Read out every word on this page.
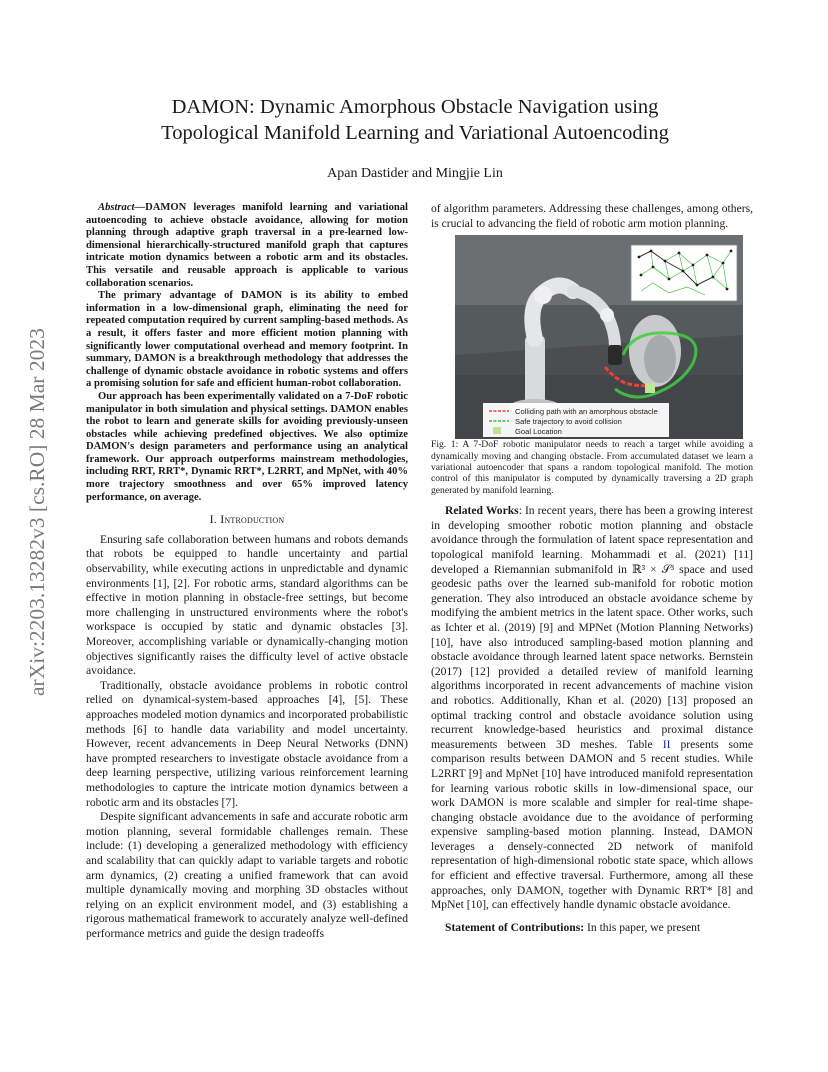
arXiv:2203.13282v3 [cs.RO] 28 Mar 2023
DAMON: Dynamic Amorphous Obstacle Navigation using
Topological Manifold Learning and Variational Autoencoding
Apan Dastider and Mingjie Lin

Abstract—DAMON leverages manifold learning and variational autoencoding to achieve obstacle avoidance, allowing for motion planning through adaptive graph traversal in a pre-learned low-dimensional hierarchically-structured manifold graph that captures intricate motion dynamics between a robotic arm and its obstacles. This versatile and reusable approach is applicable to various collaboration scenarios.

The primary advantage of DAMON is its ability to embed information in a low-dimensional graph, eliminating the need for repeated computation required by current sampling-based methods. As a result, it offers faster and more efficient motion planning with significantly lower computational overhead and memory footprint. In summary, DAMON is a breakthrough methodology that addresses the challenge of dynamic obstacle avoidance in robotic systems and offers a promising solution for safe and efficient human-robot collaboration.

Our approach has been experimentally validated on a 7-DoF robotic manipulator in both simulation and physical settings. DAMON enables the robot to learn and generate skills for avoiding previously-unseen obstacles while achieving predefined objectives. We also optimize DAMON's design parameters and performance using an analytical framework. Our approach outperforms mainstream methodologies, including RRT, RRT*, Dynamic RRT*, L2RRT, and MpNet, with 40% more trajectory smoothness and over 65% improved latency performance, on average.

I. Introduction

Ensuring safe collaboration between humans and robots demands that robots be equipped to handle uncertainty and partial observability, while executing actions in unpredictable and dynamic environments [1], [2]. For robotic arms, standard algorithms can be effective in motion planning in obstacle-free settings, but become more challenging in unstructured environments where the robot's workspace is occupied by static and dynamic obstacles [3]. Moreover, accomplishing variable or dynamically-changing motion objectives significantly raises the difficulty level of active obstacle avoidance.

Traditionally, obstacle avoidance problems in robotic control relied on dynamical-system-based approaches [4], [5]. These approaches modeled motion dynamics and incorporated probabilistic methods [6] to handle data variability and model uncertainty. However, recent advancements in Deep Neural Networks (DNN) have prompted researchers to investigate obstacle avoidance from a deep learning perspective, utilizing various reinforcement learning methodologies to capture the intricate motion dynamics between a robotic arm and its obstacles [7].

Despite significant advancements in safe and accurate robotic arm motion planning, several formidable challenges remain. These include: (1) developing a generalized methodology with efficiency and scalability that can quickly adapt to variable targets and robotic arm dynamics, (2) creating a unified framework that can avoid multiple dynamically moving and morphing 3D obstacles without relying on an explicit environment model, and (3) establishing a rigorous mathematical framework to accurately analyze well-defined performance metrics and guide the design tradeoffs

of algorithm parameters. Addressing these challenges, among others, is crucial to advancing the field of robotic arm motion planning.

Colliding path with an amorphous obstacle
Safe trajectory to avoid collision
Goal Location

Fig. 1: A 7-DoF robotic manipulator needs to reach a target while avoiding a dynamically moving and changing obstacle. From accumulated dataset we learn a variational autoencoder that spans a random topological manifold. The motion control of this manipulator is computed by dynamically traversing a 2D graph generated by manifold learning.

Related Works: In recent years, there has been a growing interest in developing smoother robotic motion planning and obstacle avoidance through the formulation of latent space representation and topological manifold learning. Mohammadi et al. (2021) [11] developed a Riemannian submanifold in ℝ³ × 𝒮³ space and used geodesic paths over the learned sub-manifold for robotic motion generation. They also introduced an obstacle avoidance scheme by modifying the ambient metrics in the latent space. Other works, such as Ichter et al. (2019) [9] and MPNet (Motion Planning Networks) [10], have also introduced sampling-based motion planning and obstacle avoidance through learned latent space networks. Bernstein (2017) [12] provided a detailed review of manifold learning algorithms incorporated in recent advancements of machine vision and robotics. Additionally, Khan et al. (2020) [13] proposed an optimal tracking control and obstacle avoidance solution using recurrent knowledge-based heuristics and proximal distance measurements between 3D meshes. Table II presents some comparison results between DAMON and 5 recent studies. While L2RRT [9] and MpNet [10] have introduced manifold representation for learning various robotic skills in low-dimensional space, our work DAMON is more scalable and simpler for real-time shape-changing obstacle avoidance due to the avoidance of performing expensive sampling-based motion planning. Instead, DAMON leverages a densely-connected 2D network of manifold representation of high-dimensional robotic state space, which allows for efficient and effective traversal. Furthermore, among all these approaches, only DAMON, together with Dynamic RRT* [8] and MpNet [10], can effectively handle dynamic obstacle avoidance.

Statement of Contributions: In this paper, we present
